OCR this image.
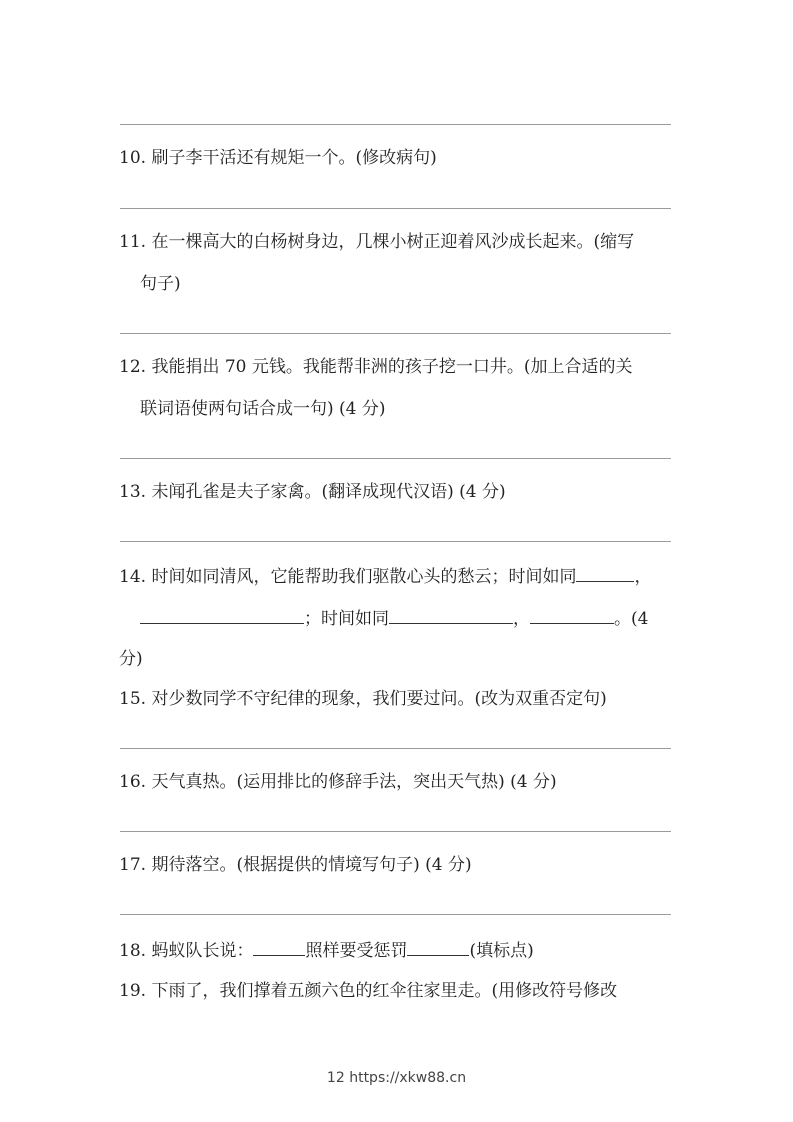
10. 刷子李干活还有规矩一个。(修改病句)
11. 在一棵高大的白杨树身边，几棵小树正迎着风沙成长起来。(缩写
句子)
12. 我能捐出 70 元钱。我能帮非洲的孩子挖一口井。(加上合适的关
联词语使两句话合成一句) (4 分)
13. 未闻孔雀是夫子家禽。(翻译成现代汉语) (4 分)
14. 时间如同清风，它能帮助我们驱散心头的愁云；时间如同	，
；时间如同	，	。(4
分)
15. 对少数同学不守纪律的现象，我们要过问。(改为双重否定句)
16. 天气真热。(运用排比的修辞手法，突出天气热) (4 分)
17. 期待落空。(根据提供的情境写句子) (4 分)
18. 蚂蚁队长说：	照样要受惩罚	(填标点)
19. 下雨了，我们撑着五颜六色的红伞往家里走。(用修改符号修改
12 https://xkw88.cn
